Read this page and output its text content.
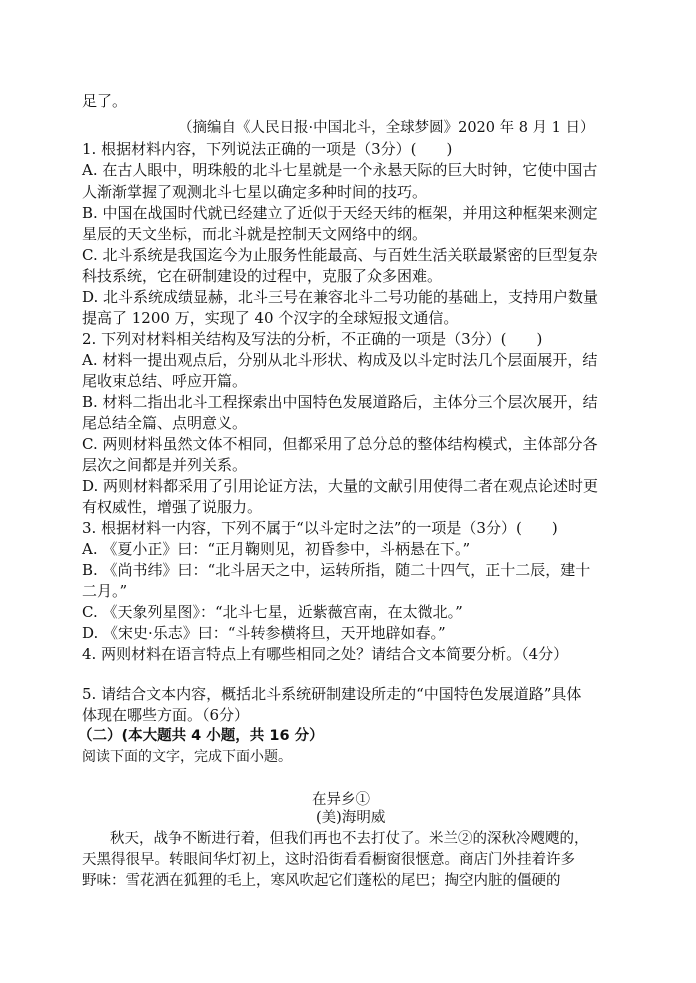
足了。
（摘编自《人民日报·中国北斗，全球梦圆》2020 年 8 月 1 日）
1. 根据材料内容，下列说法正确的一项是（3分）(　　)
A. 在古人眼中，明珠般的北斗七星就是一个永悬天际的巨大时钟，它使中国古
人渐渐掌握了观测北斗七星以确定多种时间的技巧。
B. 中国在战国时代就已经建立了近似于天经天纬的框架，并用这种框架来测定
星辰的天文坐标，而北斗就是控制天文网络中的纲。
C. 北斗系统是我国迄今为止服务性能最高、与百姓生活关联最紧密的巨型复杂
科技系统，它在研制建设的过程中，克服了众多困难。
D. 北斗系统成绩显赫，北斗三号在兼容北斗二号功能的基础上，支持用户数量
提高了 1200 万，实现了 40 个汉字的全球短报文通信。
2. 下列对材料相关结构及写法的分析，不正确的一项是（3分）(　　)
A. 材料一提出观点后，分别从北斗形状、构成及以斗定时法几个层面展开，结
尾收束总结、呼应开篇。
B. 材料二指出北斗工程探索出中国特色发展道路后，主体分三个层次展开，结
尾总结全篇、点明意义。
C. 两则材料虽然文体不相同，但都采用了总分总的整体结构模式，主体部分各
层次之间都是并列关系。
D. 两则材料都采用了引用论证方法，大量的文献引用使得二者在观点论述时更
有权威性，增强了说服力。
3. 根据材料一内容，下列不属于“以斗定时之法”的一项是（3分）(　　)
A. 《夏小正》曰：“正月鞠则见，初昏参中，斗柄悬在下。”
B. 《尚书纬》曰：“北斗居天之中，运转所指，随二十四气，正十二辰，建十
二月。”
C. 《天象列星图》：“北斗七星，近紫薇宫南，在太微北。”
D. 《宋史·乐志》曰：“斗转参横将旦，天开地辟如春。”
4. 两则材料在语言特点上有哪些相同之处？请结合文本简要分析。（4分）
5. 请结合文本内容，概括北斗系统研制建设所走的“中国特色发展道路”具体
体现在哪些方面。（6分）
（二）(本大题共 4 小题，共 16 分）
阅读下面的文字，完成下面小题。
在异乡①
(美)海明威
秋天，战争不断进行着，但我们再也不去打仗了。米兰②的深秋冷飕飕的，
天黑得很早。转眼间华灯初上，这时沿街看看橱窗很惬意。商店门外挂着许多
野味：雪花洒在狐狸的毛上，寒风吹起它们蓬松的尾巴；掏空内脏的僵硬的
